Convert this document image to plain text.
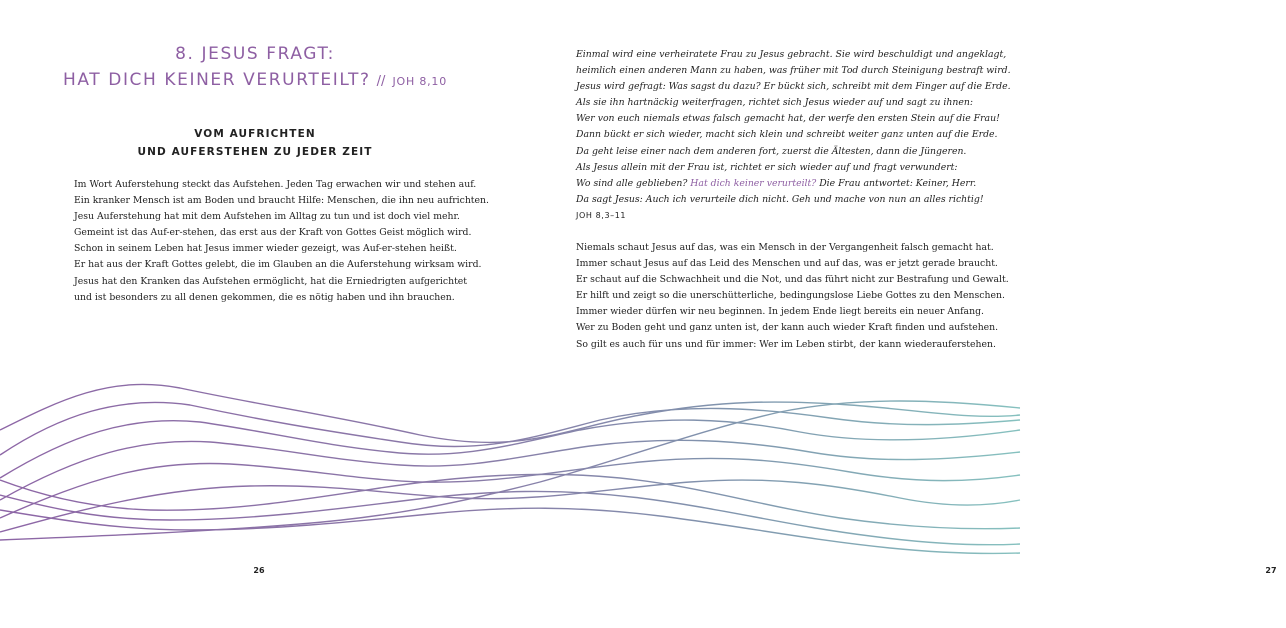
8. JESUS FRAGT:
HAT DICH KEINER VERURTEILT? // JOH 8,10
VOM AUFRICHTEN
UND AUFERSTEHEN ZU JEDER ZEIT
Im Wort Auferstehung steckt das Aufstehen. Jeden Tag erwachen wir und stehen auf.
Ein kranker Mensch ist am Boden und braucht Hilfe: Menschen, die ihn neu aufrichten.
Jesu Auferstehung hat mit dem Aufstehen im Alltag zu tun und ist doch viel mehr.
Gemeint ist das Auf-er-stehen, das erst aus der Kraft von Gottes Geist möglich wird.
Schon in seinem Leben hat Jesus immer wieder gezeigt, was Auf-er-stehen heißt.
Er hat aus der Kraft Gottes gelebt, die im Glauben an die Auferstehung wirksam wird.
Jesus hat den Kranken das Aufstehen ermöglicht, hat die Erniedrigten aufgerichtet
und ist besonders zu all denen gekommen, die es nötig haben und ihn brauchen.
26
Einmal wird eine verheiratete Frau zu Jesus gebracht. Sie wird beschuldigt und angeklagt,
heimlich einen anderen Mann zu haben, was früher mit Tod durch Steinigung bestraft wird.
Jesus wird gefragt: Was sagst du dazu? Er bückt sich, schreibt mit dem Finger auf die Erde.
Als sie ihn hartnäckig weiterfragen, richtet sich Jesus wieder auf und sagt zu ihnen:
Wer von euch niemals etwas falsch gemacht hat, der werfe den ersten Stein auf die Frau!
Dann bückt er sich wieder, macht sich klein und schreibt weiter ganz unten auf die Erde.
Da geht leise einer nach dem anderen fort, zuerst die Ältesten, dann die Jüngeren.
Als Jesus allein mit der Frau ist, richtet er sich wieder auf und fragt verwundert:
Wo sind alle geblieben? Hat dich keiner verurteilt? Die Frau antwortet: Keiner, Herr.
Da sagt Jesus: Auch ich verurteile dich nicht. Geh und mache von nun an alles richtig!
JOH 8,3–11
Niemals schaut Jesus auf das, was ein Mensch in der Vergangenheit falsch gemacht hat.
Immer schaut Jesus auf das Leid des Menschen und auf das, was er jetzt gerade braucht.
Er schaut auf die Schwachheit und die Not, und das führt nicht zur Bestrafung und Gewalt.
Er hilft und zeigt so die unerschütterliche, bedingungslose Liebe Gottes zu den Menschen.
Immer wieder dürfen wir neu beginnen. In jedem Ende liegt bereits ein neuer Anfang.
Wer zu Boden geht und ganz unten ist, der kann auch wieder Kraft finden und aufstehen.
So gilt es auch für uns und für immer: Wer im Leben stirbt, der kann wiederauferstehen.
27
